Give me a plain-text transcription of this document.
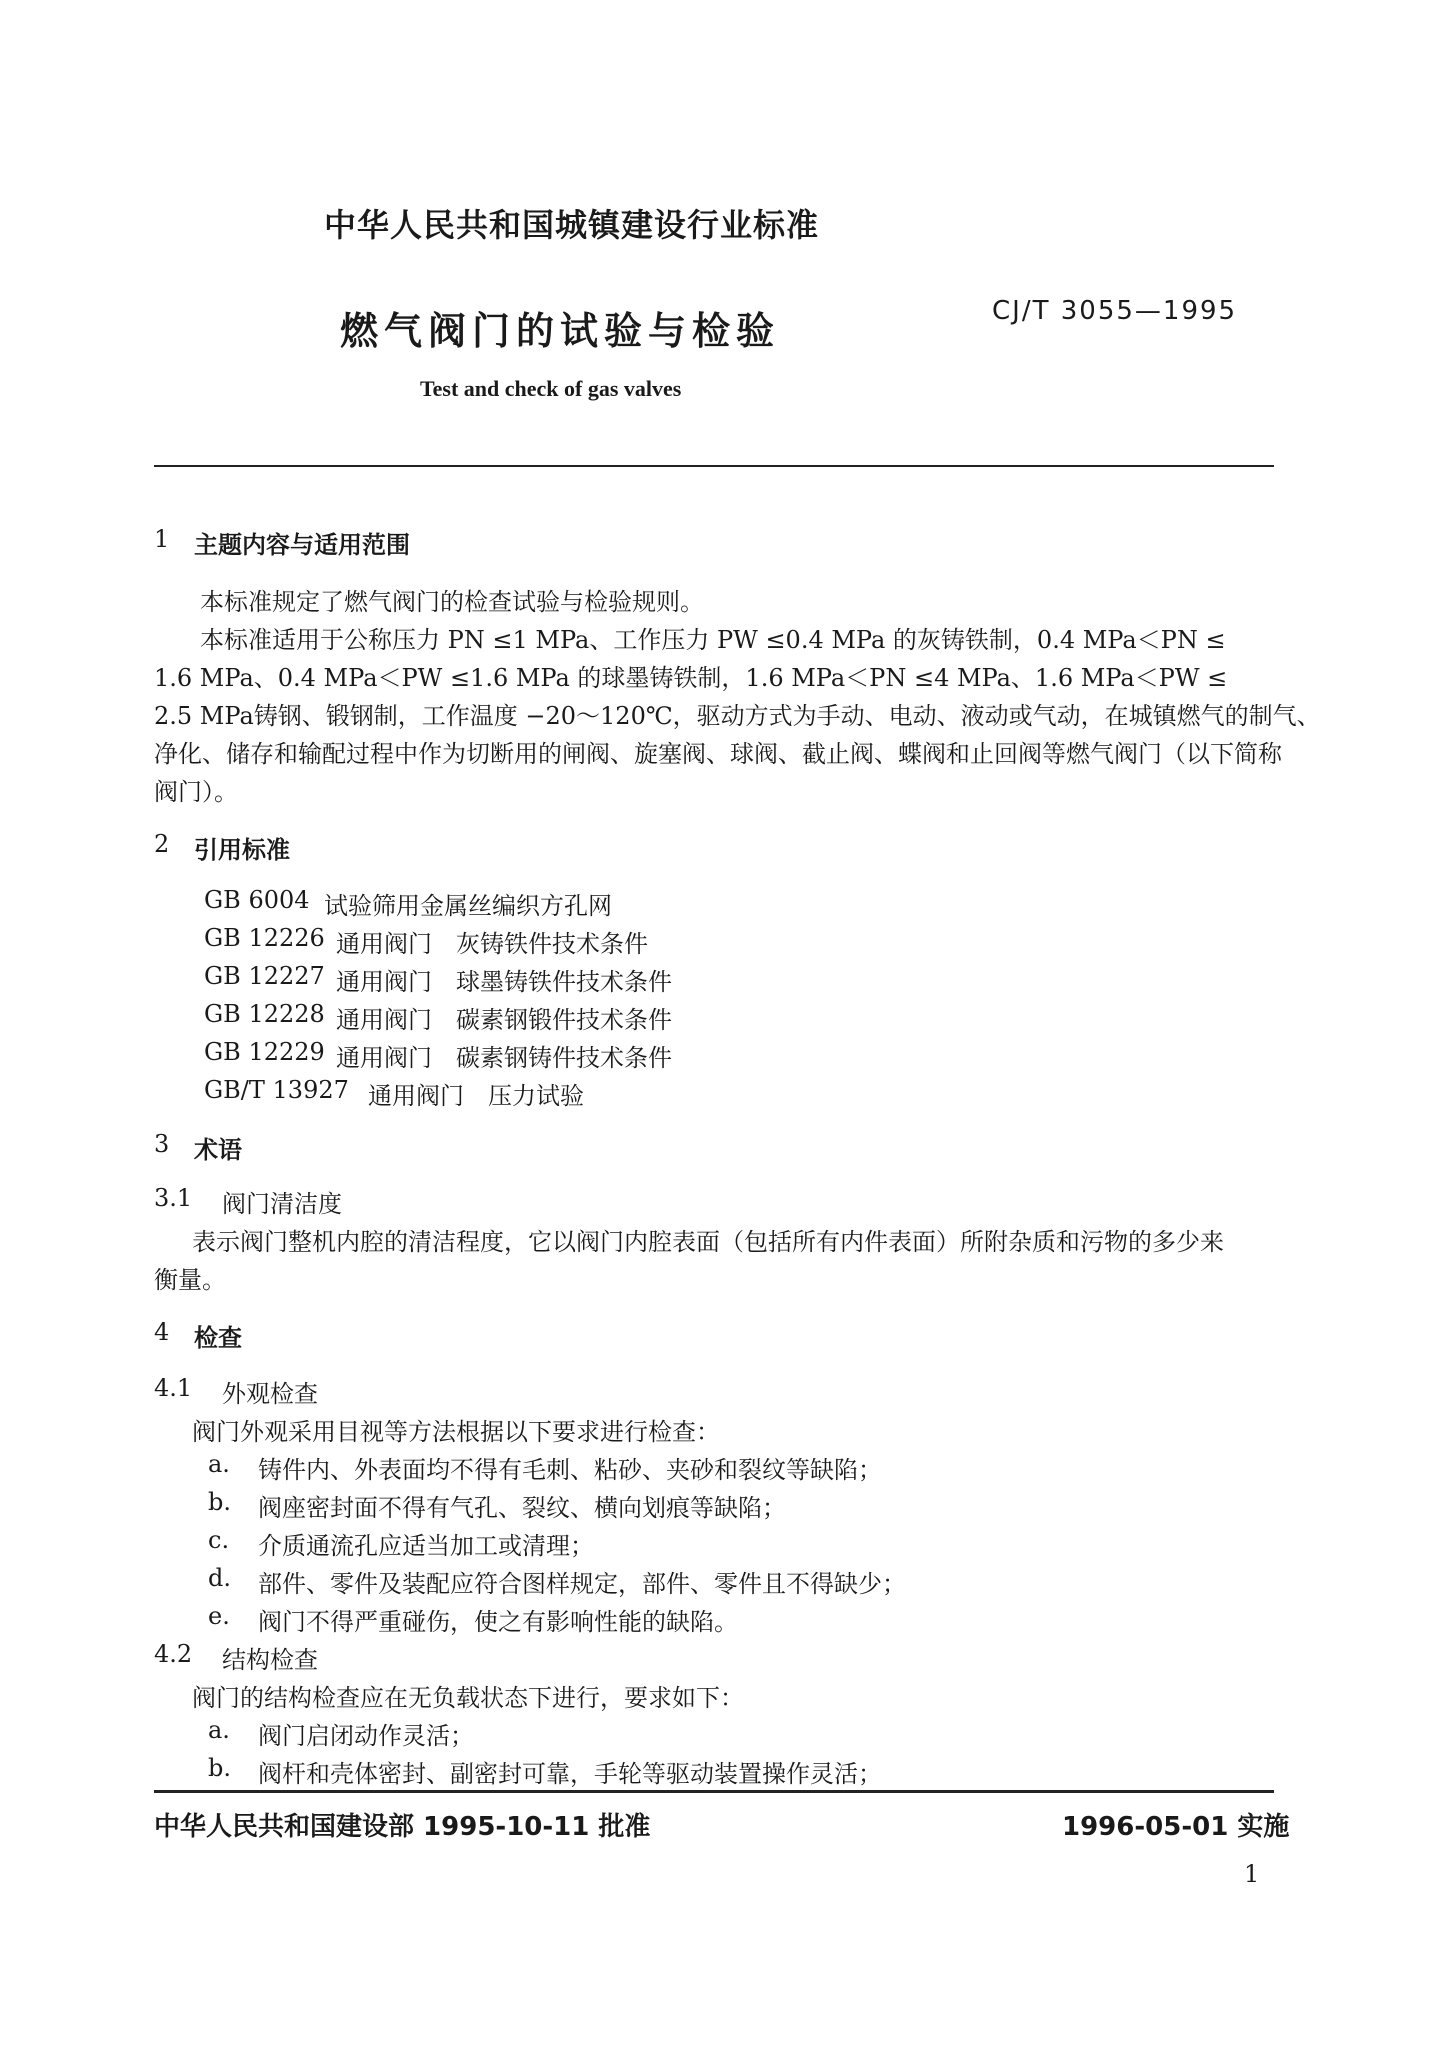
中华人民共和国城镇建设行业标准
燃气阀门的试验与检验	CJ/T 3055—1995
Test and check of gas valves
1 主题内容与适用范围
本标准规定了燃气阀门的检查试验与检验规则。
本标准适用于公称压力 PN ≤1 MPa、工作压力 PW ≤0.4 MPa 的灰铸铁制，0.4 MPa＜PN ≤
1.6 MPa、0.4 MPa＜PW ≤1.6 MPa 的球墨铸铁制，1.6 MPa＜PN ≤4 MPa、1.6 MPa＜PW ≤
2.5 MPa铸钢、锻钢制，工作温度 −20～120℃，驱动方式为手动、电动、液动或气动，在城镇燃气的制气、
净化、储存和输配过程中作为切断用的闸阀、旋塞阀、球阀、截止阀、蝶阀和止回阀等燃气阀门（以下简称
阀门）。
2 引用标准
GB 6004 试验筛用金属丝编织方孔网
GB 12226 通用阀门　灰铸铁件技术条件
GB 12227 通用阀门　球墨铸铁件技术条件
GB 12228 通用阀门　碳素钢锻件技术条件
GB 12229 通用阀门　碳素钢铸件技术条件
GB/T 13927 通用阀门　压力试验
3 术语
3.1 阀门清洁度
表示阀门整机内腔的清洁程度，它以阀门内腔表面（包括所有内件表面）所附杂质和污物的多少来
衡量。
4 检查
4.1 外观检查
阀门外观采用目视等方法根据以下要求进行检查：
a. 铸件内、外表面均不得有毛刺、粘砂、夹砂和裂纹等缺陷；
b. 阀座密封面不得有气孔、裂纹、横向划痕等缺陷；
c. 介质通流孔应适当加工或清理；
d. 部件、零件及装配应符合图样规定，部件、零件且不得缺少；
e. 阀门不得严重碰伤，使之有影响性能的缺陷。
4.2 结构检查
阀门的结构检查应在无负载状态下进行，要求如下：
a. 阀门启闭动作灵活；
b. 阀杆和壳体密封、副密封可靠，手轮等驱动装置操作灵活；
中华人民共和国建设部 1995-10-11 批准	1996-05-01 实施
1
